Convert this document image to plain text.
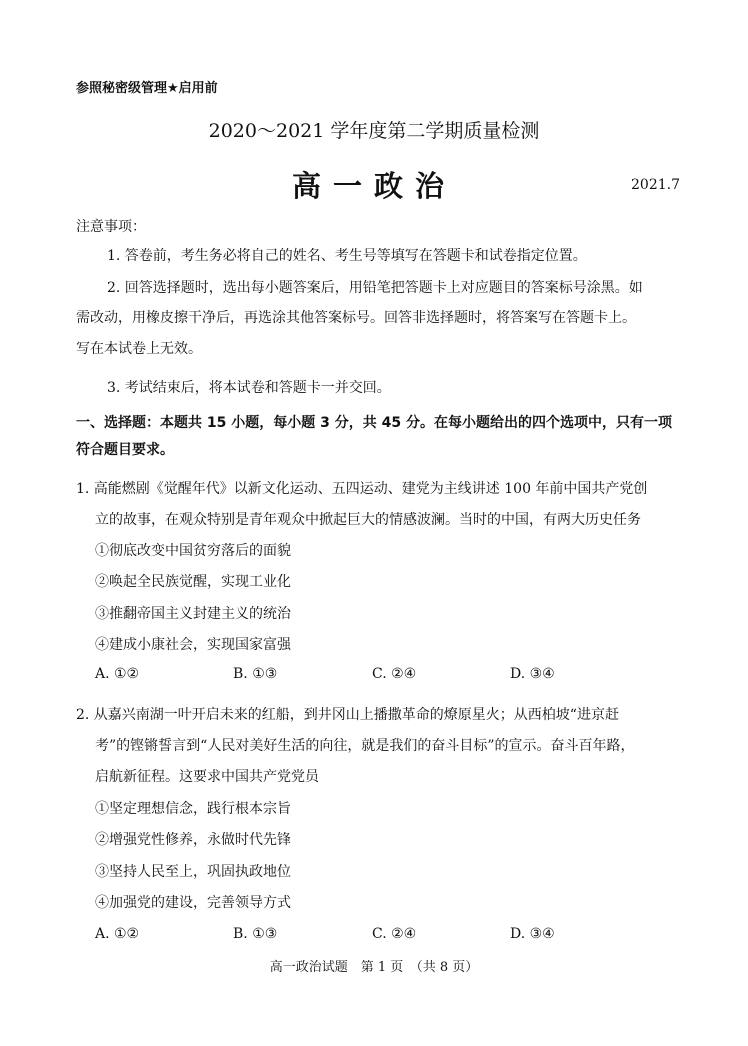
参照秘密级管理★启用前
2020～2021 学年度第二学期质量检测
高一政治	2021.7
注意事项：
1. 答卷前，考生务必将自己的姓名、考生号等填写在答题卡和试卷指定位置。
2. 回答选择题时，选出每小题答案后，用铅笔把答题卡上对应题目的答案标号涂黑。如
需改动，用橡皮擦干净后，再选涂其他答案标号。回答非选择题时，将答案写在答题卡上。
写在本试卷上无效。
3. 考试结束后，将本试卷和答题卡一并交回。
一、选择题：本题共 15 小题，每小题 3 分，共 45 分。在每小题给出的四个选项中，只有一项
符合题目要求。
1. 高能燃剧《觉醒年代》以新文化运动、五四运动、建党为主线讲述 100 年前中国共产党创
立的故事，在观众特别是青年观众中掀起巨大的情感波澜。当时的中国，有两大历史任务
①彻底改变中国贫穷落后的面貌
②唤起全民族觉醒，实现工业化
③推翻帝国主义封建主义的统治
④建成小康社会，实现国家富强
A. ①②	B. ①③	C. ②④	D. ③④
2. 从嘉兴南湖一叶开启未来的红船，到井冈山上播撒革命的燎原星火；从西柏坡“进京赶
考”的铿锵誓言到“人民对美好生活的向往，就是我们的奋斗目标”的宣示。奋斗百年路，
启航新征程。这要求中国共产党党员
①坚定理想信念，践行根本宗旨
②增强党性修养，永做时代先锋
③坚持人民至上，巩固执政地位
④加强党的建设，完善领导方式
A. ①②	B. ①③	C. ②④	D. ③④
高一政治试题　第 1 页　（共 8 页）
